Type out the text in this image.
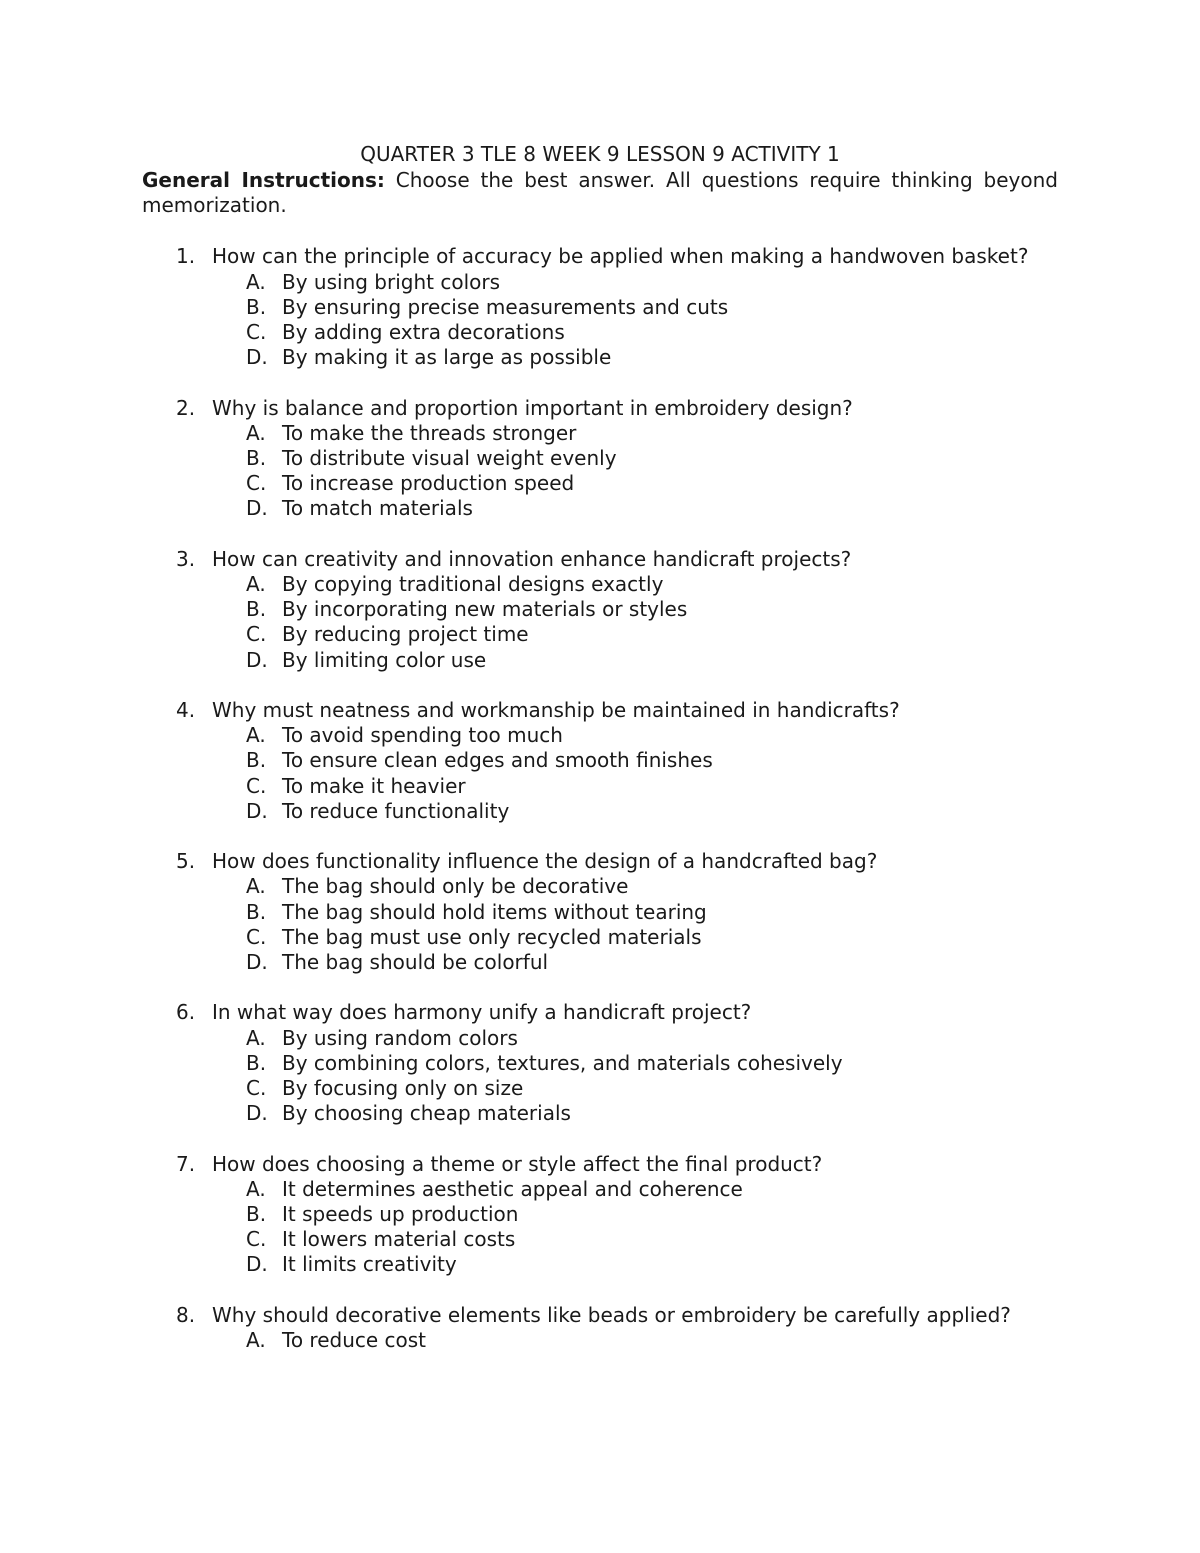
QUARTER 3 TLE 8 WEEK 9 LESSON 9 ACTIVITY 1

General Instructions: Choose the best answer. All questions require thinking beyond memorization.

1. How can the principle of accuracy be applied when making a handwoven basket?

A. By using bright colors
B. By ensuring precise measurements and cuts
C. By adding extra decorations
D. By making it as large as possible
2. Why is balance and proportion important in embroidery design?

A. To make the threads stronger
B. To distribute visual weight evenly
C. To increase production speed
D. To match materials
3. How can creativity and innovation enhance handicraft projects?

A. By copying traditional designs exactly
B. By incorporating new materials or styles
C. By reducing project time
D. By limiting color use
4. Why must neatness and workmanship be maintained in handicrafts?

A. To avoid spending too much
B. To ensure clean edges and smooth finishes
C. To make it heavier
D. To reduce functionality
5. How does functionality influence the design of a handcrafted bag?

A. The bag should only be decorative
B. The bag should hold items without tearing
C. The bag must use only recycled materials
D. The bag should be colorful
6. In what way does harmony unify a handicraft project?

A. By using random colors
B. By combining colors, textures, and materials cohesively
C. By focusing only on size
D. By choosing cheap materials
7. How does choosing a theme or style affect the final product?

A. It determines aesthetic appeal and coherence
B. It speeds up production
C. It lowers material costs
D. It limits creativity
8. Why should decorative elements like beads or embroidery be carefully applied?

A. To reduce cost
